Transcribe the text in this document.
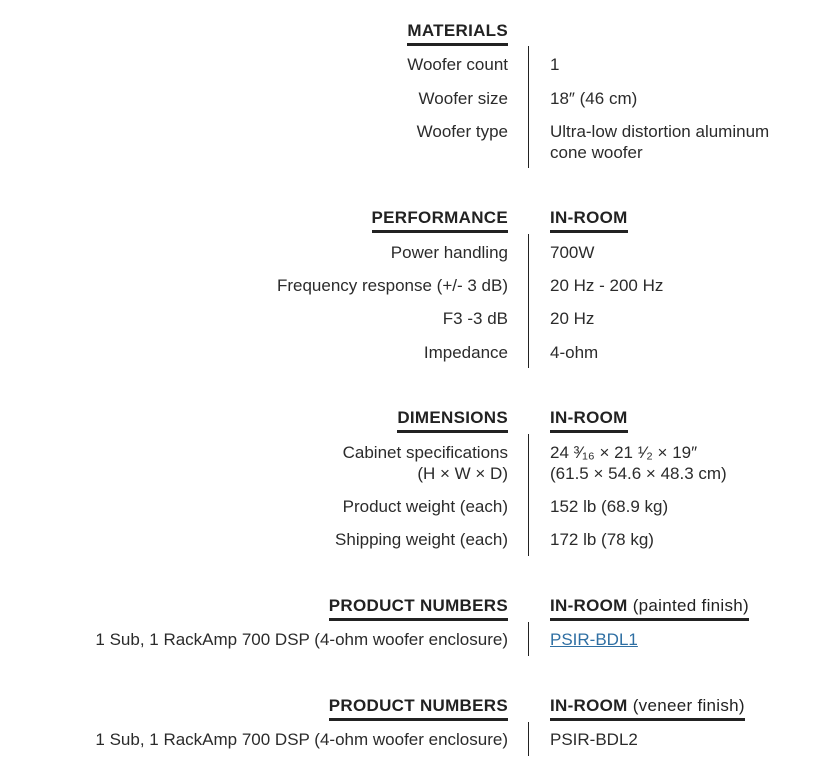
MATERIALS
Woofer count 1
Woofer size 18″ (46 cm)
Woofer type Ultra-low distortion aluminum
cone woofer
PERFORMANCE IN-ROOM
Power handling 700W
Frequency response (+/- 3 dB) 20 Hz - 200 Hz
F3 -3 dB 20 Hz
Impedance 4-ohm
DIMENSIONS IN-ROOM
Cabinet specifications
(H × W × D)
24 ³⁄₁₆ × 21 ¹⁄₂ × 19″
(61.5 × 54.6 × 48.3 cm)
Product weight (each) 152 lb (68.9 kg)
Shipping weight (each) 172 lb (78 kg)
PRODUCT NUMBERS IN-ROOM (painted finish)
1 Sub, 1 RackAmp 700 DSP (4-ohm woofer enclosure) PSIR-BDL1
PRODUCT NUMBERS IN-ROOM (veneer finish)
1 Sub, 1 RackAmp 700 DSP (4-ohm woofer enclosure) PSIR-BDL2
